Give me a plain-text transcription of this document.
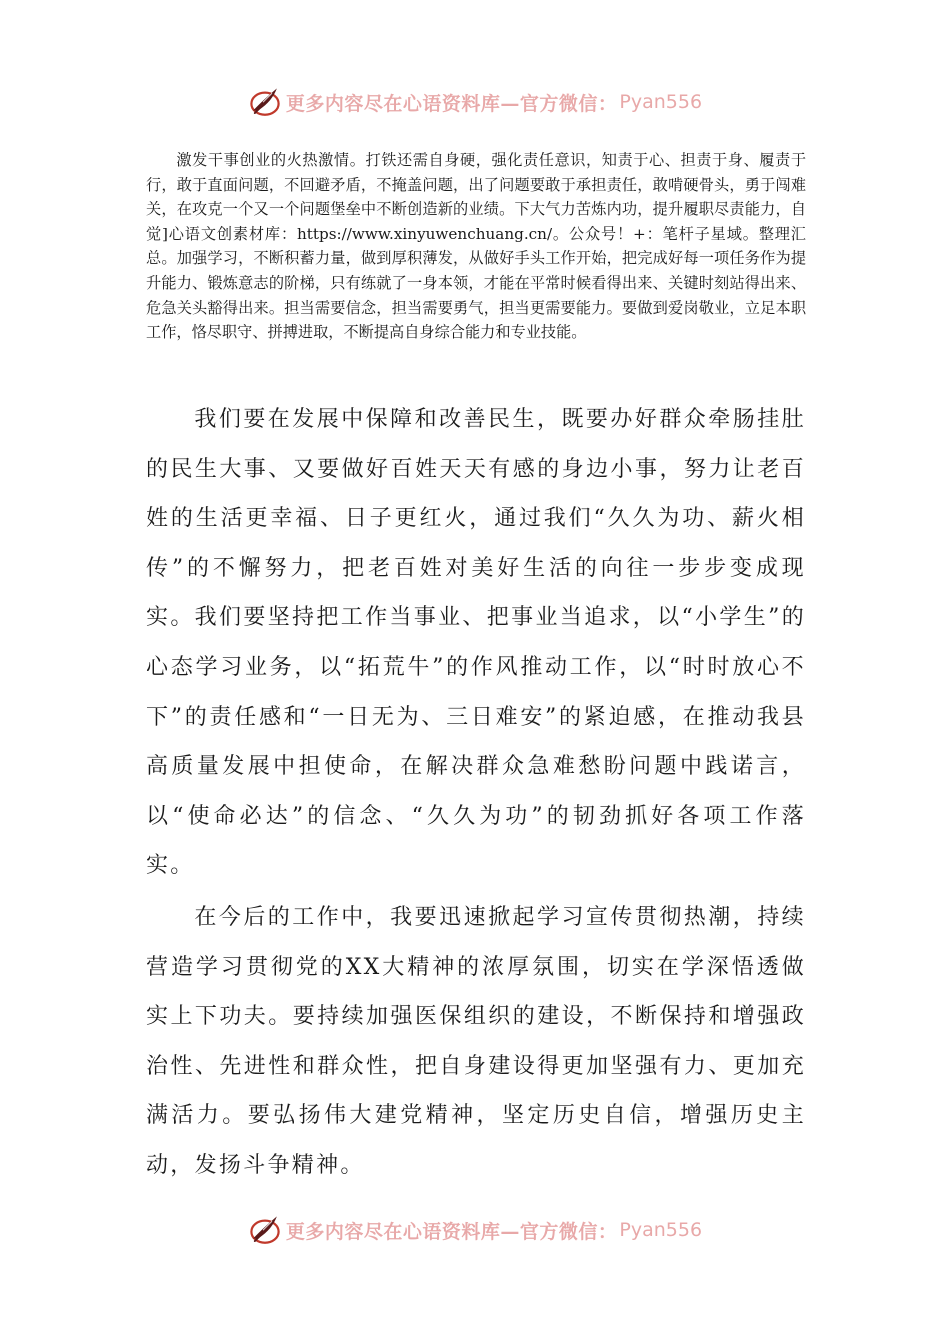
更多内容尽在心语资料库—官方微信： Pyan556

激发干事创业的火热激情。打铁还需自身硬，强化责任意识，知责于心、担责于身、履责于行，敢于直面问题，不回避矛盾，不掩盖问题，出了问题要敢于承担责任，敢啃硬骨头，勇于闯难关，在攻克一个又一个问题堡垒中不断创造新的业绩。下大气力苦炼内功，提升履职尽责能力，自觉]心语文创素材库：https://www.xinyuwenchuang.cn/。公众号！+：笔杆子星域。整理汇总。加强学习，不断积蓄力量，做到厚积薄发，从做好手头工作开始，把完成好每一项任务作为提升能力、锻炼意志的阶梯，只有练就了一身本领，才能在平常时候看得出来、关键时刻站得出来、危急关头豁得出来。担当需要信念，担当需要勇气，担当更需要能力。要做到爱岗敬业，立足本职工作，恪尽职守、拼搏进取，不断提高自身综合能力和专业技能。

我们要在发展中保障和改善民生，既要办好群众牵肠挂肚的民生大事、又要做好百姓天天有感的身边小事，努力让老百姓的生活更幸福、日子更红火，通过我们“久久为功、薪火相传”的不懈努力，把老百姓对美好生活的向往一步步变成现实。我们要坚持把工作当事业、把事业当追求，以“小学生”的心态学习业务，以“拓荒牛”的作风推动工作，以“时时放心不下”的责任感和“一日无为、三日难安”的紧迫感，在推动我县高质量发展中担使命，在解决群众急难愁盼问题中践诺言，以“使命必达”的信念、“久久为功”的韧劲抓好各项工作落实。

在今后的工作中，我要迅速掀起学习宣传贯彻热潮，持续营造学习贯彻党的XX大精神的浓厚氛围，切实在学深悟透做实上下功夫。要持续加强医保组织的建设，不断保持和增强政治性、先进性和群众性，把自身建设得更加坚强有力、更加充满活力。要弘扬伟大建党精神，坚定历史自信，增强历史主动，发扬斗争精神。

更多内容尽在心语资料库—官方微信： Pyan556
